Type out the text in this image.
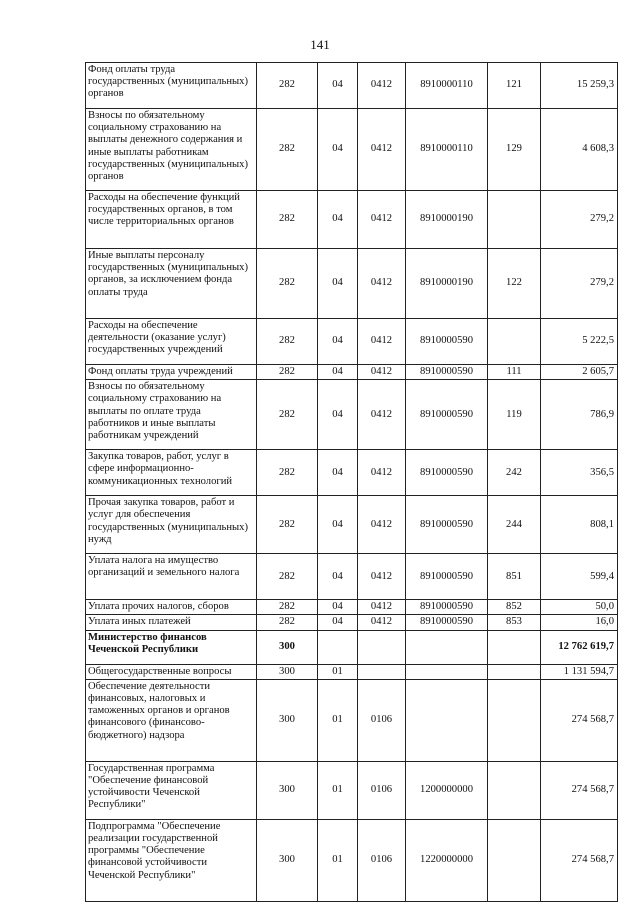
141
Фонд оплаты труда государственных (муниципальных) органов	282	04	0412	8910000110	121	15 259,3
Взносы по обязательному социальному страхованию на выплаты денежного содержания и иные выплаты работникам государственных (муниципальных) органов	282	04	0412	8910000110	129	4 608,3
Расходы на обеспечение функций государственных органов, в том числе территориальных органов	282	04	0412	8910000190		279,2
Иные выплаты персоналу государственных (муниципальных) органов, за исключением фонда оплаты труда	282	04	0412	8910000190	122	279,2
Расходы на обеспечение деятельности (оказание услуг) государственных учреждений	282	04	0412	8910000590		5 222,5
Фонд оплаты труда учреждений	282	04	0412	8910000590	111	2 605,7
Взносы по обязательному социальному страхованию на выплаты по оплате труда работников и иные выплаты работникам учреждений	282	04	0412	8910000590	119	786,9
Закупка товаров, работ, услуг в сфере информационно-коммуникационных технологий	282	04	0412	8910000590	242	356,5
Прочая закупка товаров, работ и услуг для обеспечения государственных (муниципальных) нужд	282	04	0412	8910000590	244	808,1
Уплата налога на имущество организаций и земельного налога	282	04	0412	8910000590	851	599,4
Уплата прочих налогов, сборов	282	04	0412	8910000590	852	50,0
Уплата иных платежей	282	04	0412	8910000590	853	16,0
Министерство финансов Чеченской Республики	300					12 762 619,7
Общегосударственные вопросы	300	01				1 131 594,7
Обеспечение деятельности финансовых, налоговых и таможенных органов и органов финансового (финансово-бюджетного) надзора	300	01	0106			274 568,7
Государственная программа "Обеспечение финансовой устойчивости Чеченской Республики"	300	01	0106	1200000000		274 568,7
Подпрограмма "Обеспечение реализации государственной программы "Обеспечение финансовой устойчивости Чеченской Республики"	300	01	0106	1220000000		274 568,7
